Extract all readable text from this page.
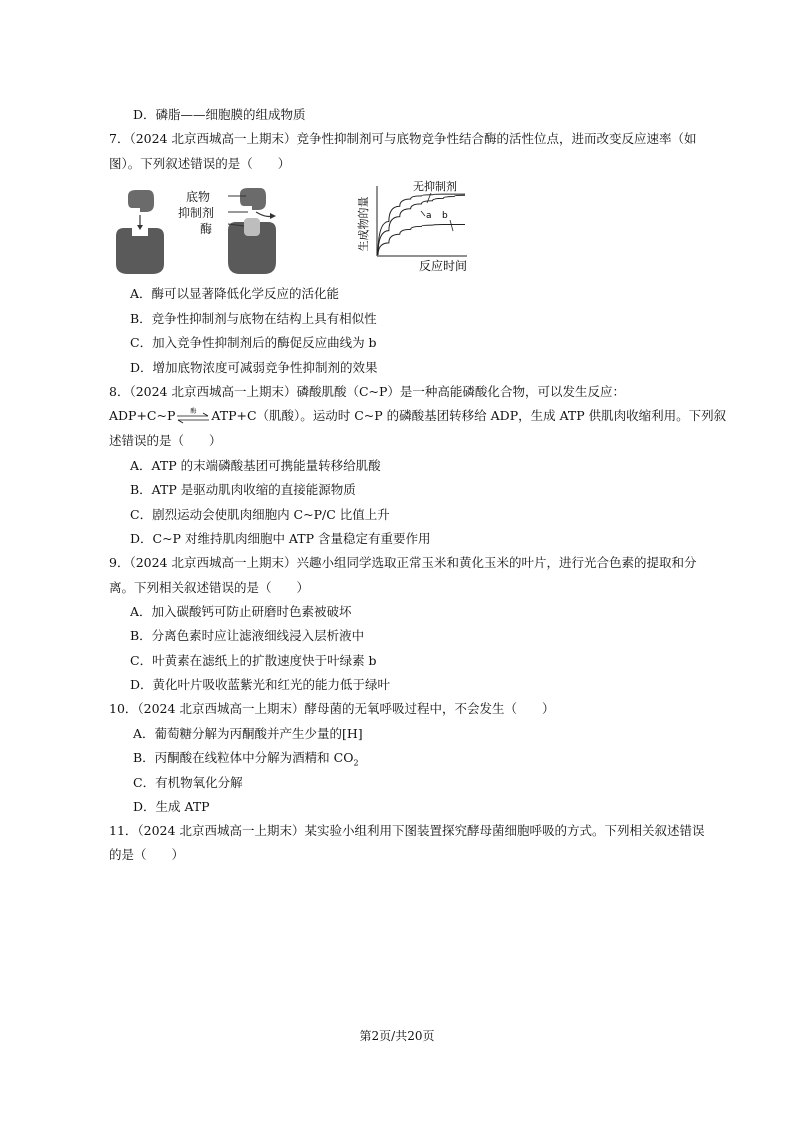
D．磷脂——细胞膜的组成物质
7．（2024 北京西城高一上期末）竞争性抑制剂可与底物竞争性结合酶的活性位点，进而改变反应速率（如
图）。下列叙述错误的是（　　）
底物
抑制剂
酶	生成物的量
反应时间
无抑制剂
a b
A．酶可以显著降低化学反应的活化能
B．竞争性抑制剂与底物在结构上具有相似性
C．加入竞争性抑制剂后的酶促反应曲线为 b
D．增加底物浓度可减弱竞争性抑制剂的效果
8．（2024 北京西城高一上期末）磷酸肌酸（C~P）是一种高能磷酸化合物，可以发生反应：
ADP+C~P	酶	ATP+C（肌酸）。运动时 C~P 的磷酸基团转移给 ADP，生成 ATP 供肌肉收缩利用。下列叙
述错误的是（　　）
A．ATP 的末端磷酸基团可携能量转移给肌酸
B．ATP 是驱动肌肉收缩的直接能源物质
C．剧烈运动会使肌肉细胞内 C~P/C 比值上升
D．C~P 对维持肌肉细胞中 ATP 含量稳定有重要作用
9．（2024 北京西城高一上期末）兴趣小组同学选取正常玉米和黄化玉米的叶片，进行光合色素的提取和分
离。下列相关叙述错误的是（　　）
A．加入碳酸钙可防止研磨时色素被破坏
B．分离色素时应让滤液细线浸入层析液中
C．叶黄素在滤纸上的扩散速度快于叶绿素 b
D．黄化叶片吸收蓝紫光和红光的能力低于绿叶
10．（2024 北京西城高一上期末）酵母菌的无氧呼吸过程中，不会发生（　　）
A．葡萄糖分解为丙酮酸并产生少量的[H]
B．丙酮酸在线粒体中分解为酒精和 $CO_2$
C．有机物氧化分解
D．生成 ATP
11．（2024 北京西城高一上期末）某实验小组利用下图装置探究酵母菌细胞呼吸的方式。下列相关叙述错误
的是（　　）
第2页/共20页
